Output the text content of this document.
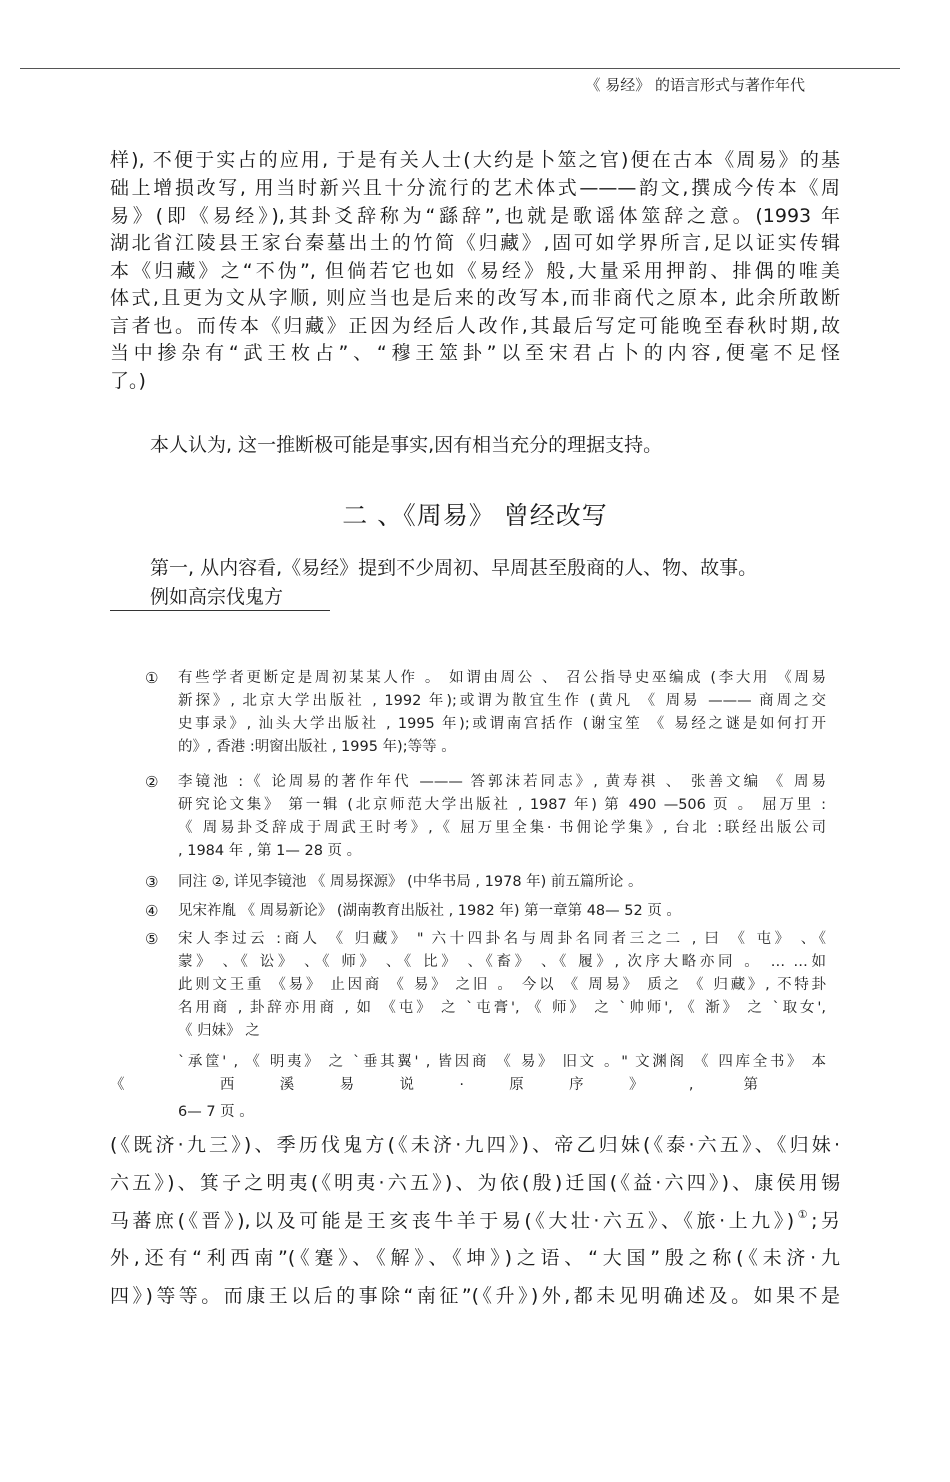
《 易经》 的语言形式与著作年代
样), 不便于实占的应用, 于是有关人士(大约是卜筮之官)便在古本《周易》的基
础上增损改写, 用当时新兴且十分流行的艺术体式———韵文,撰成今传本《周
易》(即《易经》),其卦爻辞称为“繇辞”,也就是歌谣体筮辞之意。(1993 年
湖北省江陵县王家台秦墓出土的竹简《归藏》,固可如学界所言,足以证实传辑
本《归藏》之“不伪”, 但倘若它也如《易经》般,大量采用押韵、排偶的唯美
体式,且更为文从字顺, 则应当也是后来的改写本,而非商代之原本, 此余所敢断
言者也。而传本《归藏》正因为经后人改作,其最后写定可能晚至春秋时期,故
当中掺杂有“武王枚占”、“穆王筮卦”以至宋君占卜的内容,便毫不足怪
了。)
本人认为, 这一推断极可能是事实,因有相当充分的理据支持。
二 、《周易》 曾经改写
第一, 从内容看,《易经》提到不少周初、早周甚至殷商的人、物、故事。
例如高宗伐鬼方
① 有些学者更断定是周初某某人作 。 如谓由周公 、 召公指导史巫编成 (李大用 《周易
新探》, 北京大学出版社 , 1992 年);或谓为散宜生作 (黄凡 《 周易 ——— 商周之交
史事录》, 汕头大学出版社 , 1995 年);或谓南宫括作 (谢宝笙 《 易经之谜是如何打开
的》, 香港 :明窗出版社 , 1995 年);等等 。
② 李镜池 :《 论周易的著作年代 ——— 答郭沫若同志》, 黄寿祺 、 张善文编 《 周易
研究论文集》 第一辑 (北京师范大学出版社 , 1987 年) 第 490 —506 页 。 屈万里 :
《 周易卦爻辞成于周武王时考》,《 屈万里全集· 书佣论学集》, 台北 :联经出版公司
, 1984 年 , 第 1— 28 页 。
③ 同注 ②, 详见李镜池 《 周易探源》 (中华书局 , 1978 年) 前五篇所论 。
④ 见宋祚胤 《 周易新论》 (湖南教育出版社 , 1982 年) 第一章第 48— 52 页 。
⑤ 宋人李过云 :商人 《 归藏》 " 六十四卦名与周卦名同者三之二 , 曰 《 屯》 、《
蒙》 、《 讼》 、《 师》 、《 比》 、《畜》 、《 履》, 次序大略亦同 。 … …如
此则文王重 《易》 止因商 《 易》 之旧 。 今以 《 周易》 质之 《 归藏》, 不特卦
名用商 , 卦辞亦用商 , 如 《屯》 之 `屯膏', 《 师》 之 `帅师', 《 渐》 之 `取女',
《 归妹》 之
`承筐' , 《 明夷》 之 `垂其翼' , 皆因商 《 易》 旧文 。" 文渊阁 《 四库全书》 本
《 西溪易说·原序》, 第
6— 7 页 。
(《既济·九三》)、季历伐鬼方(《未济·九四》)、帝乙归妹(《泰·六五》、《归妹·
六五》)、箕子之明夷(《明夷·六五》)、为依(殷)迁国(《益·六四》)、康侯用锡
马蕃庶(《晋》),以及可能是王亥丧牛羊于易(《大壮·六五》、《旅·上九》)①;另
外,还有“利西南”(《蹇》、《解》、《坤》)之语、“大国”殷之称(《未济·九
四》)等等。而康王以后的事除“南征”(《升》)外,都未见明确述及。如果不是
